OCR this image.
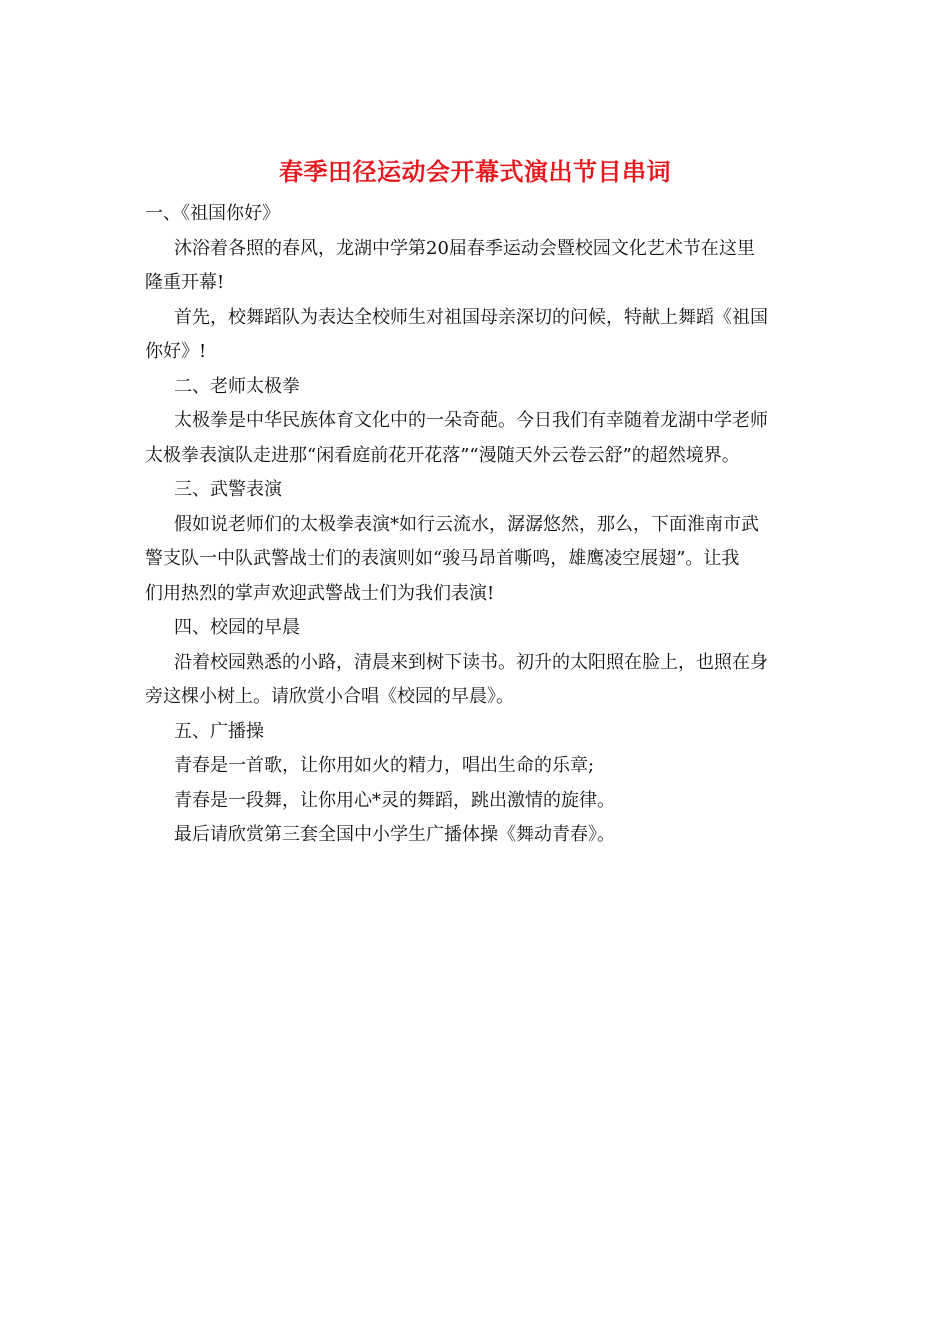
春季田径运动会开幕式演出节目串词
一、《祖国你好》
沐浴着各照的春风，龙湖中学第20届春季运动会暨校园文化艺术节在这里
隆重开幕!
首先，校舞蹈队为表达全校师生对祖国母亲深切的问候，特献上舞蹈《祖国
你好》!
二、老师太极拳
太极拳是中华民族体育文化中的一朵奇葩。今日我们有幸随着龙湖中学老师
太极拳表演队走进那“闲看庭前花开花落”“漫随天外云卷云舒”的超然境界。
三、武警表演
假如说老师们的太极拳表演*如行云流水，潺潺悠然，那么，下面淮南市武
警支队一中队武警战士们的表演则如“骏马昂首嘶鸣，雄鹰凌空展翅”。让我
们用热烈的掌声欢迎武警战士们为我们表演!
四、校园的早晨
沿着校园熟悉的小路，清晨来到树下读书。初升的太阳照在脸上，也照在身
旁这棵小树上。请欣赏小合唱《校园的早晨》。
五、广播操
青春是一首歌，让你用如火的精力，唱出生命的乐章;
青春是一段舞，让你用心*灵的舞蹈，跳出激情的旋律。
最后请欣赏第三套全国中小学生广播体操《舞动青春》。
